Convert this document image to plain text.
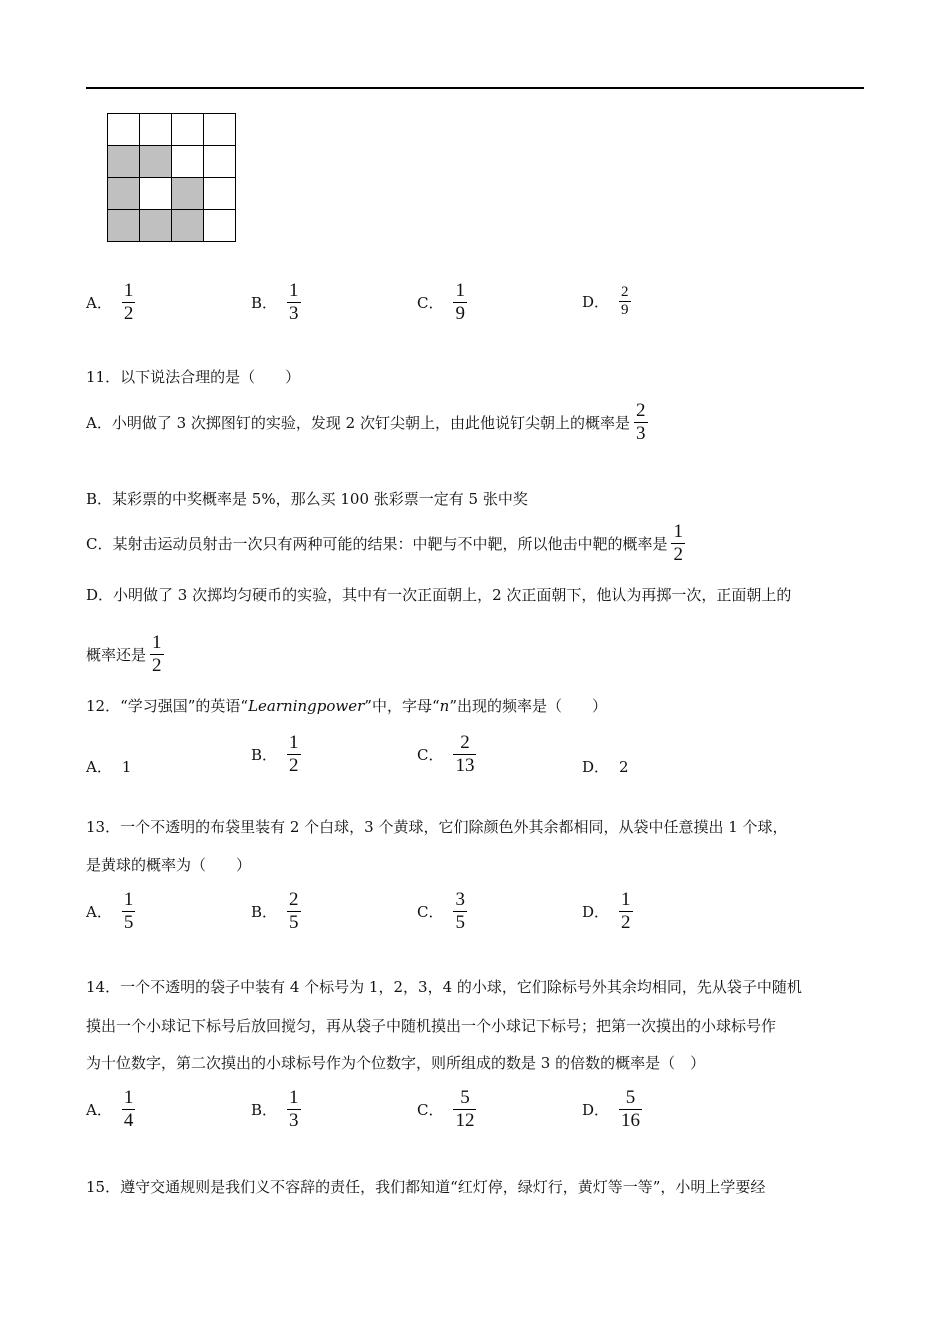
A． $\frac{1}{2}$	B． $\frac{1}{3}$	C． $\frac{1}{9}$	D． $\frac{2}{9}$
11．以下说法合理的是（　　）
A．小明做了 3 次掷图钉的实验，发现 2 次钉尖朝上，由此他说钉尖朝上的概率是 $\frac{2}{3}$
B．某彩票的中奖概率是 5%，那么买 100 张彩票一定有 5 张中奖
C．某射击运动员射击一次只有两种可能的结果：中靶与不中靶，所以他击中靶的概率是 $\frac{1}{2}$
D．小明做了 3 次掷均匀硬币的实验，其中有一次正面朝上，2 次正面朝下，他认为再掷一次，正面朝上的
概率还是 $\frac{1}{2}$
12．“学习强国”的英语“Learningpower”中，字母“n”出现的频率是（　　）
A． 1
B． $\frac{1}{2}$	C． $\frac{2}{13}$	D． 2
13．一个不透明的布袋里装有 2 个白球，3 个黄球，它们除颜色外其余都相同，从袋中任意摸出 1 个球，
是黄球的概率为（　　）
A． $\frac{1}{5}$	B． $\frac{2}{5}$	C． $\frac{3}{5}$	D． $\frac{1}{2}$
14．一个不透明的袋子中装有 4 个标号为 1，2，3，4 的小球，它们除标号外其余均相同，先从袋子中随机
摸出一个小球记下标号后放回搅匀，再从袋子中随机摸出一个小球记下标号；把第一次摸出的小球标号作
为十位数字，第二次摸出的小球标号作为个位数字，则所组成的数是 3 的倍数的概率是（　）
A． $\frac{1}{4}$	B． $\frac{1}{3}$	C． $\frac{5}{12}$	D． $\frac{5}{16}$
15．遵守交通规则是我们义不容辞的责任，我们都知道“红灯停，绿灯行，黄灯等一等”，小明上学要经
